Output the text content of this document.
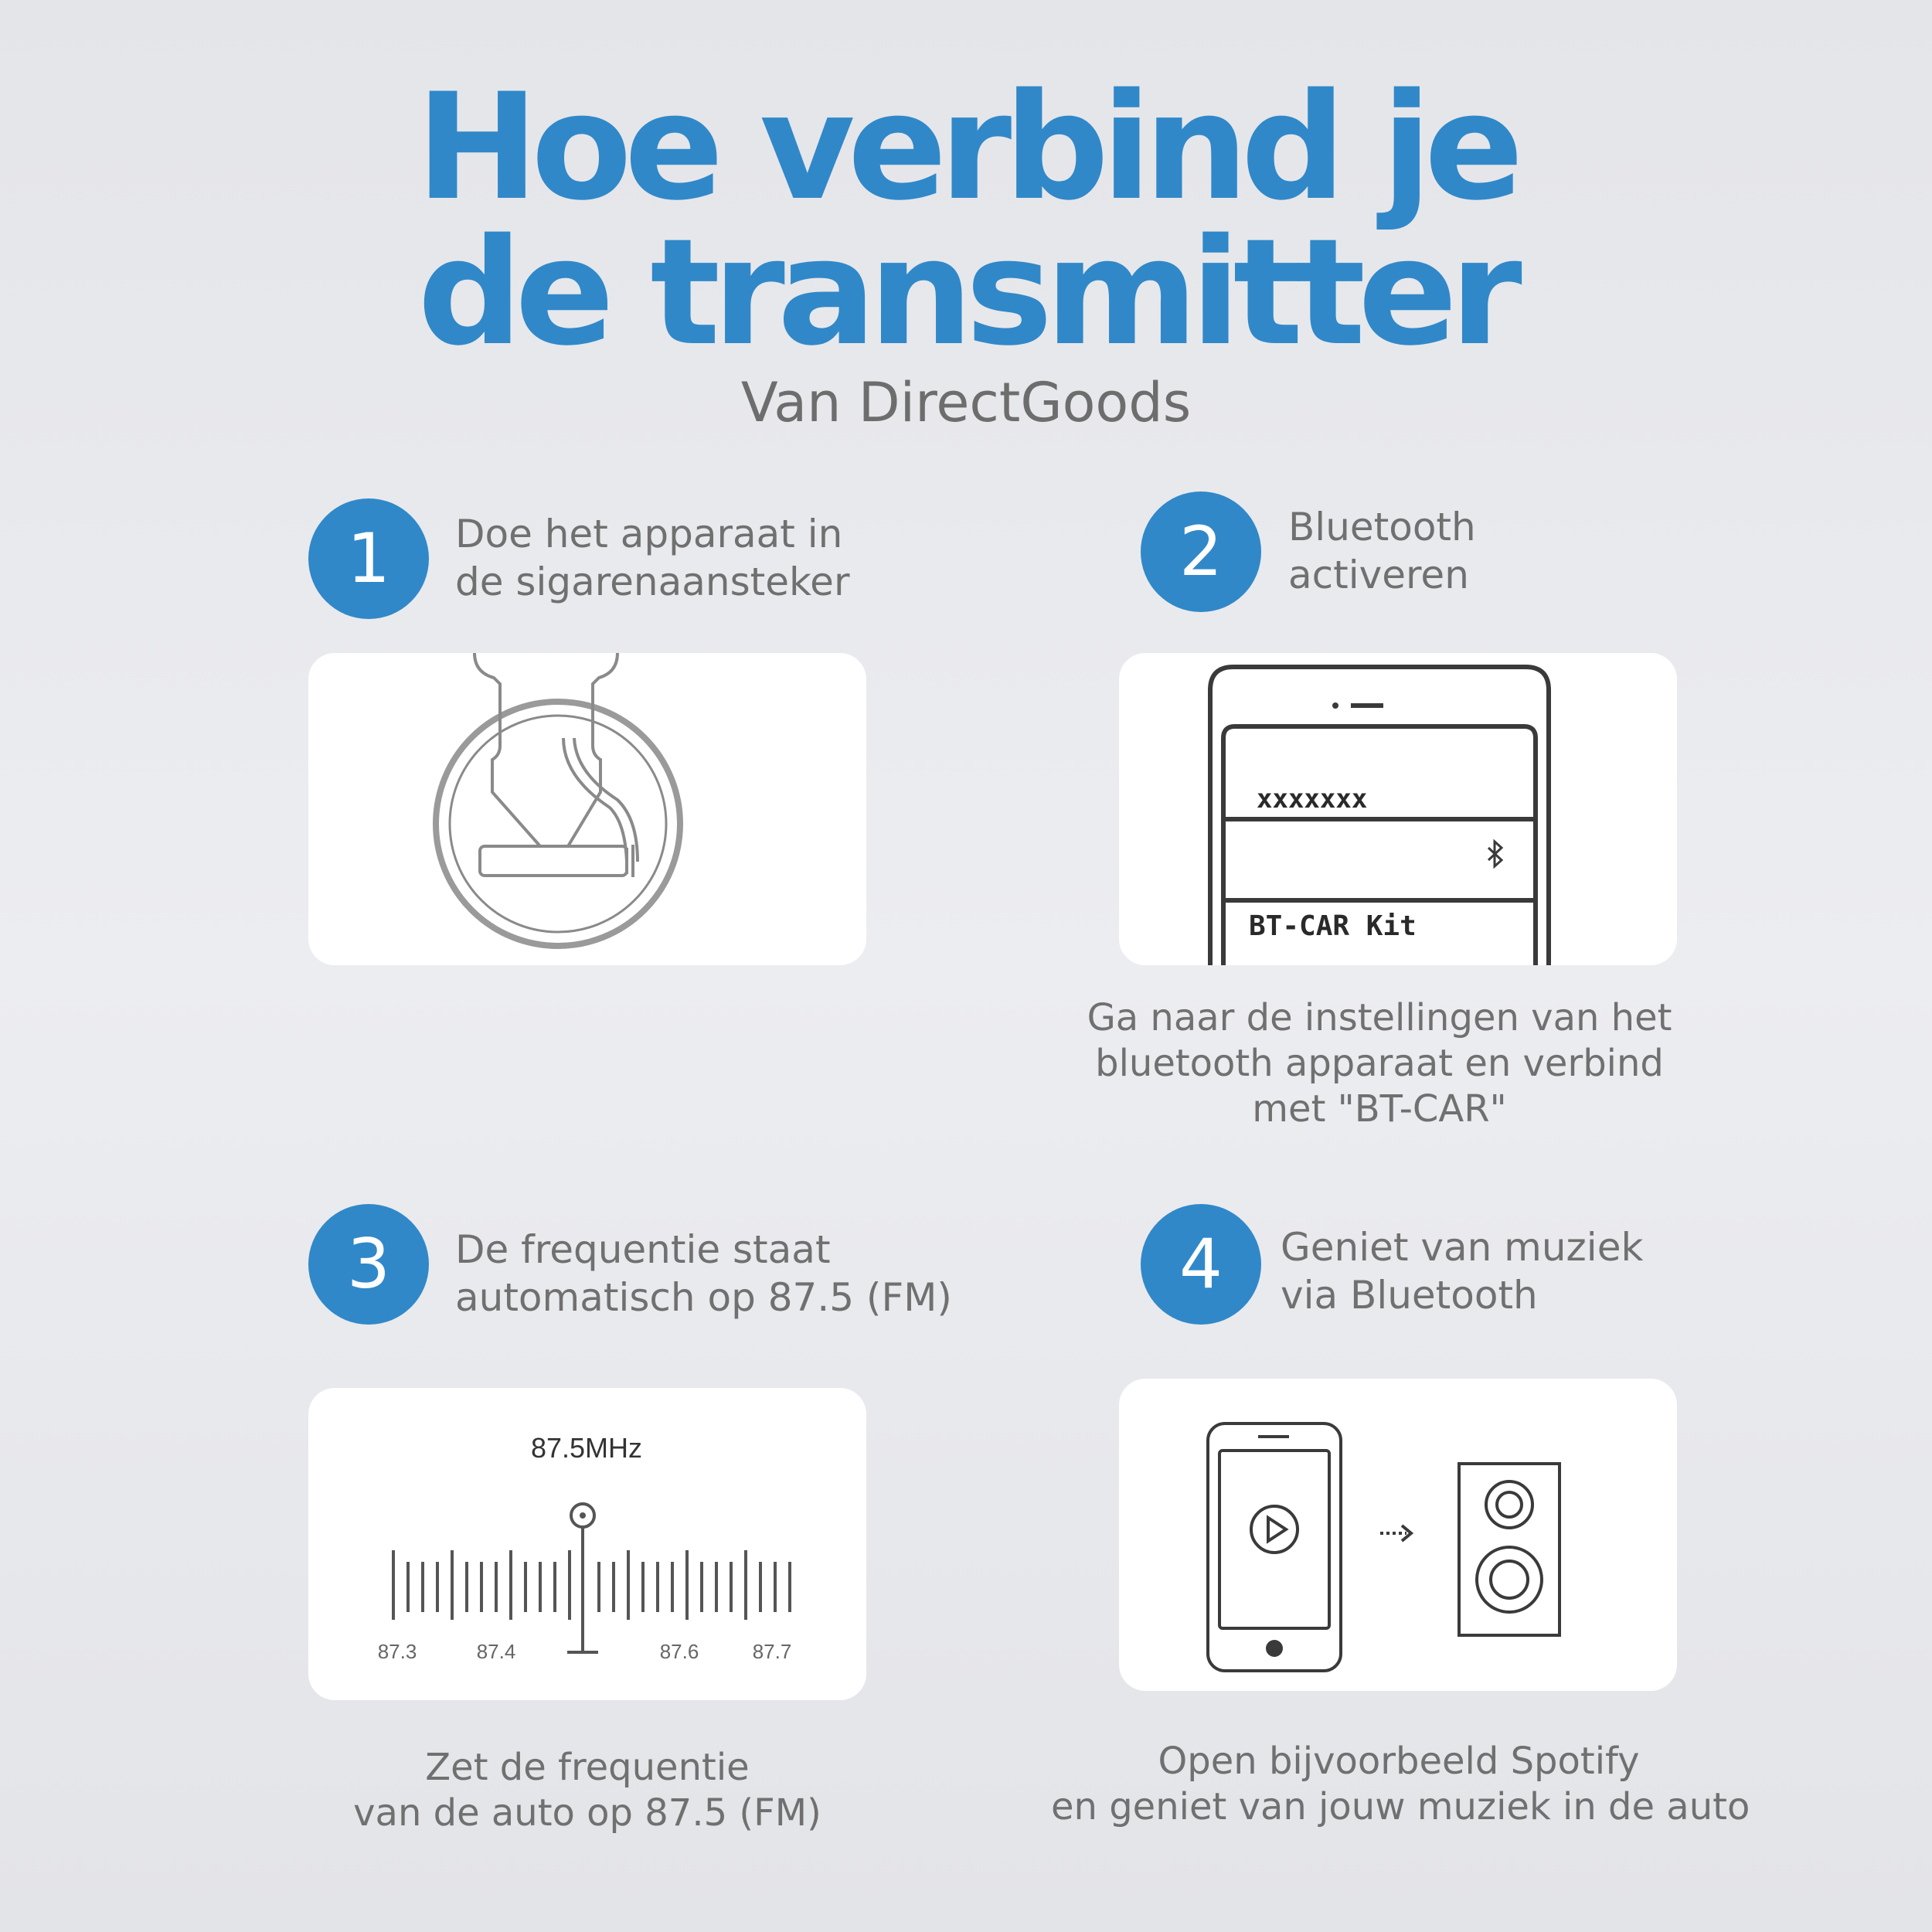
Hoe verbind je
de transmitter

Van DirectGoods

1	Doe het apparaat in
de sigarenaansteker	2	Bluetooth
activeren

xxxxxxx
BT-CAR Kit

Ga naar de instellingen van het
bluetooth apparaat en verbind
met "BT-CAR"

3	De frequentie staat
automatisch op 87.5 (FM)

87.5MHz
87.3	87.4	87.6	87.7

Zet de frequentie
van de auto op 87.5 (FM)

4	Geniet van muziek
via Bluetooth

Open bijvoorbeeld Spotify
en geniet van jouw muziek in de auto
